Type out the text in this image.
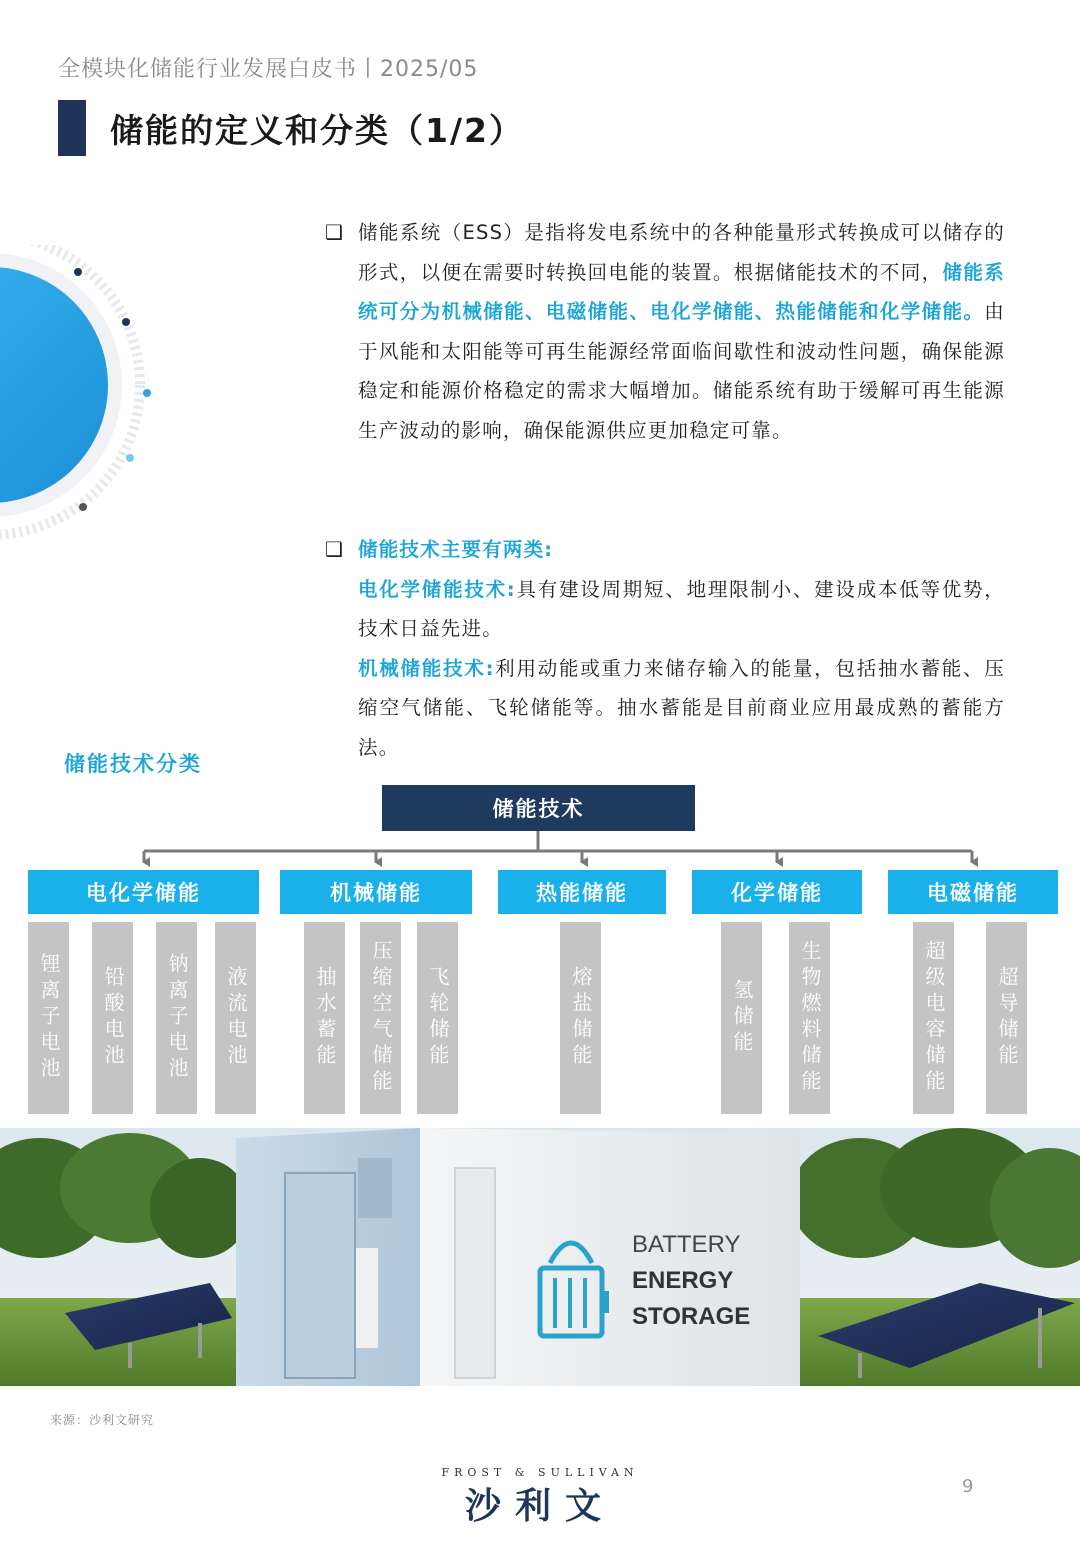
全模块化储能行业发展白皮书丨2025/05
储能的定义和分类（1/2）
❑ 储能系统（ESS）是指将发电系统中的各种能量形式转换成可以储存的形式，以便在需要时转换回电能的装置。根据储能技术的不同，储能系统可分为机械储能、电磁储能、电化学储能、热能储能和化学储能。由于风能和太阳能等可再生能源经常面临间歇性和波动性问题，确保能源稳定和能源价格稳定的需求大幅增加。储能系统有助于缓解可再生能源生产波动的影响，确保能源供应更加稳定可靠。
❑ 储能技术主要有两类:
电化学储能技术:具有建设周期短、地理限制小、建设成本低等优势，技术日益先进。
机械储能技术:利用动能或重力来储存输入的能量，包括抽水蓄能、压缩空气储能、飞轮储能等。抽水蓄能是目前商业应用最成熟的蓄能方法。
储能技术分类
储能技术
电化学储能	机械储能	热能储能	化学储能	电磁储能
锂离子电池 铅酸电池 钠离子电池 液流电池	抽水蓄能 压缩空气储能 飞轮储能	熔盐储能	氢储能 生物燃料储能	超级电容储能 超导储能
BATTERY
ENERGY
STORAGE
来源：沙利文研究
FROST & SULLIVAN
沙利文	9
